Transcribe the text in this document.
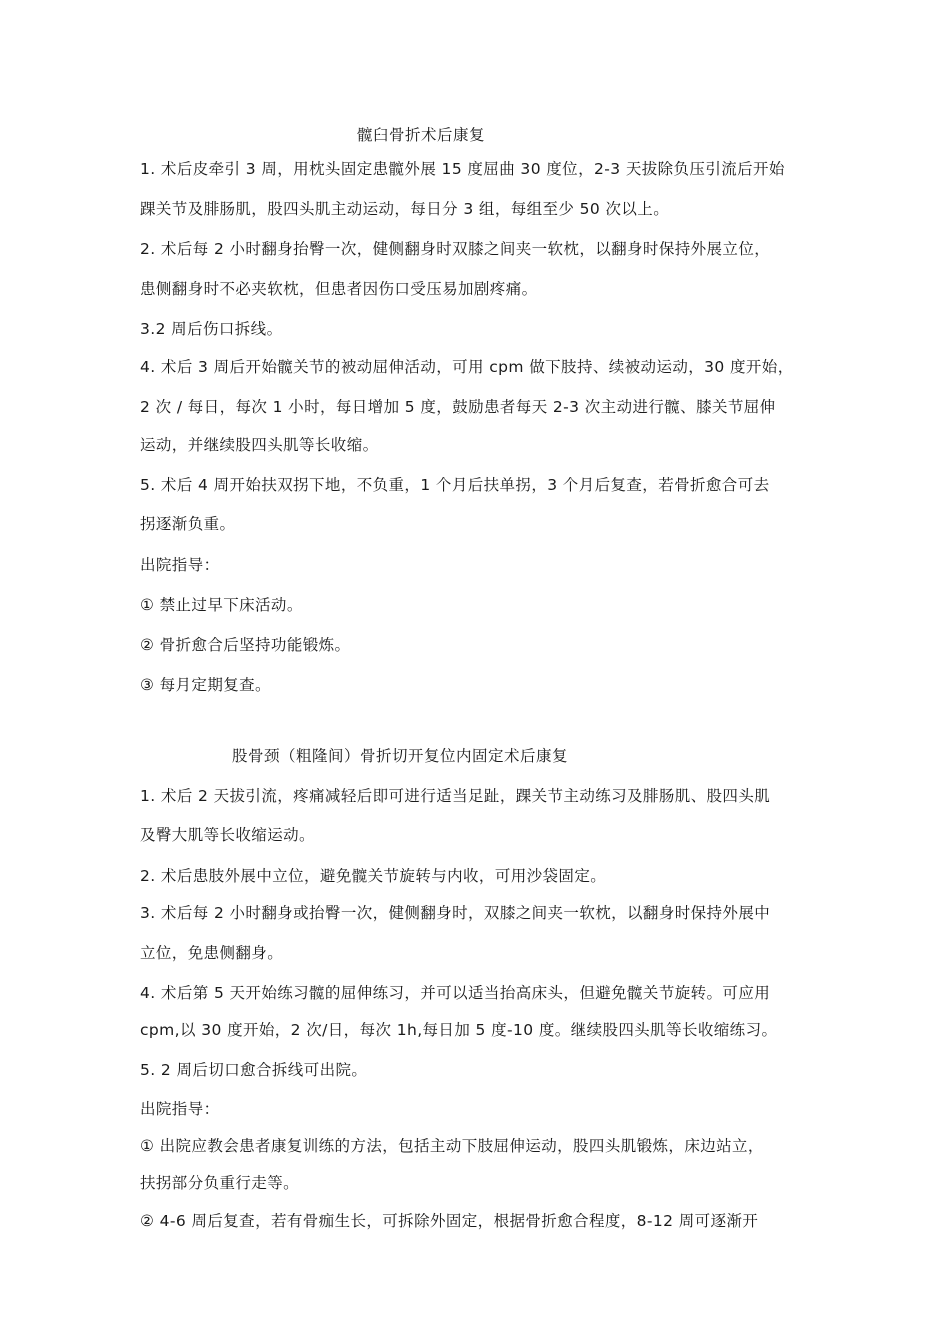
髋臼骨折术后康复
1. 术后皮牵引 3 周，用枕头固定患髋外展 15 度屈曲 30 度位，2-3 天拔除负压引流后开始
踝关节及腓肠肌，股四头肌主动运动，每日分 3 组，每组至少 50 次以上。
2. 术后每 2 小时翻身抬臀一次，健侧翻身时双膝之间夹一软枕，以翻身时保持外展立位，
患侧翻身时不必夹软枕，但患者因伤口受压易加剧疼痛。
3.2 周后伤口拆线。
4. 术后 3 周后开始髋关节的被动屈伸活动，可用 cpm 做下肢持、续被动运动，30 度开始，
2 次 / 每日，每次 1 小时，每日增加 5 度，鼓励患者每天 2-3 次主动进行髋、膝关节屈伸
运动，并继续股四头肌等长收缩。
5. 术后 4 周开始扶双拐下地，不负重，1 个月后扶单拐，3 个月后复查，若骨折愈合可去
拐逐渐负重。
出院指导：
① 禁止过早下床活动。
② 骨折愈合后坚持功能锻炼。
③ 每月定期复查。
股骨颈（粗隆间）骨折切开复位内固定术后康复
1. 术后 2 天拔引流，疼痛减轻后即可进行适当足趾，踝关节主动练习及腓肠肌、股四头肌
及臀大肌等长收缩运动。
2. 术后患肢外展中立位，避免髋关节旋转与内收，可用沙袋固定。
3. 术后每 2 小时翻身或抬臀一次，健侧翻身时，双膝之间夹一软枕，以翻身时保持外展中
立位，免患侧翻身。
4. 术后第 5 天开始练习髋的屈伸练习，并可以适当抬高床头，但避免髋关节旋转。可应用
cpm,以 30 度开始，2 次/日，每次 1h,每日加 5 度-10 度。继续股四头肌等长收缩练习。
5. 2 周后切口愈合拆线可出院。
出院指导：
① 出院应教会患者康复训练的方法，包括主动下肢屈伸运动，股四头肌锻炼，床边站立，
扶拐部分负重行走等。
② 4-6 周后复查，若有骨痂生长，可拆除外固定，根据骨折愈合程度，8-12 周可逐渐开
